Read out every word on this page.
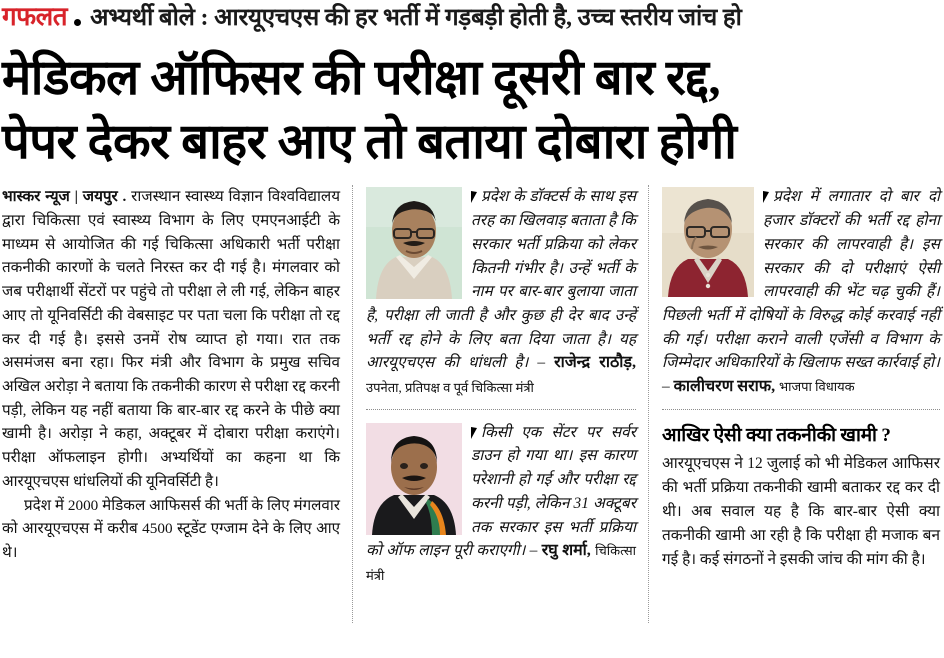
गफलत अभ्यर्थी बोले : आरयूएचएस की हर भर्ती में गड़बड़ी होती है, उच्च स्तरीय जांच हो
मेडिकल ऑफिसर की परीक्षा दूसरी बार रद्द,
पेपर देकर बाहर आए तो बताया दोबारा होगी

भास्कर न्यूज | जयपुर . राजस्थान स्वास्थ्य विज्ञान विश्वविद्यालय द्वारा चिकित्सा एवं स्वास्थ्य विभाग के लिए एमएनआईटी के माध्यम से आयोजित की गई चिकित्सा अधिकारी भर्ती परीक्षा तकनीकी कारणों के चलते निरस्त कर दी गई है। मंगलवार को जब परीक्षार्थी सेंटरों पर पहुंचे तो परीक्षा ले ली गई, लेकिन बाहर आए तो यूनिवर्सिटी की वेबसाइट पर पता चला कि परीक्षा तो रद्द कर दी गई है। इससे उनमें रोष व्याप्त हो गया। रात तक असमंजस बना रहा। फिर मंत्री और विभाग के प्रमुख सचिव अखिल अरोड़ा ने बताया कि तकनीकी कारण से परीक्षा रद्द करनी पड़ी, लेकिन यह नहीं बताया कि बार-बार रद्द करने के पीछे क्या खामी है। अरोड़ा ने कहा, अक्टूबर में दोबारा परीक्षा कराएंगे। परीक्षा ऑफलाइन होगी। अभ्यर्थियों का कहना था कि आरयूएचएस धांधलियों की यूनिवर्सिटी है।

प्रदेश में 2000 मेडिकल आफिसर्स की भर्ती के लिए मंगलवार को आरयूएचएस में करीब 4500 स्टूडेंट एग्जाम देने के लिए आए थे।

प्रदेश के डॉक्टर्स के साथ इस तरह का खिलवाड़ बताता है कि सरकार भर्ती प्रक्रिया को लेकर कितनी गंभीर है। उन्हें भर्ती के नाम पर बार-बार बुलाया जाता है, परीक्षा ली जाती है और कुछ ही देर बाद उन्हें भर्ती रद्द होने के लिए बता दिया जाता है। यह आरयूएचएस की धांधली है। – राजेन्द्र राठौड़, उपनेता, प्रतिपक्ष व पूर्व चिकित्सा मंत्री
किसी एक सेंटर पर सर्वर डाउन हो गया था। इस कारण परेशानी हो गई और परीक्षा रद्द करनी पड़ी, लेकिन 31 अक्टूबर तक सरकार इस भर्ती प्रक्रिया को ऑफ लाइन पूरी कराएगी। – रघु शर्मा, चिकित्सा मंत्री
प्रदेश में लगातार दो बार दो हजार डॉक्टरों की भर्ती रद्द होना सरकार की लापरवाही है। इस सरकार की दो परीक्षाएं ऐसी लापरवाही की भेंट चढ़ चुकी हैं। पिछली भर्ती में दोषियों के विरुद्ध कोई करवाई नहीं की गई। परीक्षा कराने वाली एजेंसी व विभाग के जिम्मेदार अधिकारियों के खिलाफ सख्त कार्रवाई हो। – कालीचरण सराफ, भाजपा विधायक
आखिर ऐसी क्या तकनीकी खामी ?
आरयूएचएस ने 12 जुलाई को भी मेडिकल आफिसर की भर्ती प्रक्रिया तकनीकी खामी बताकर रद्द कर दी थी। अब सवाल यह है कि बार-बार ऐसी क्या तकनीकी खामी आ रही है कि परीक्षा ही मजाक बन गई है। कई संगठनों ने इसकी जांच की मांग की है।
